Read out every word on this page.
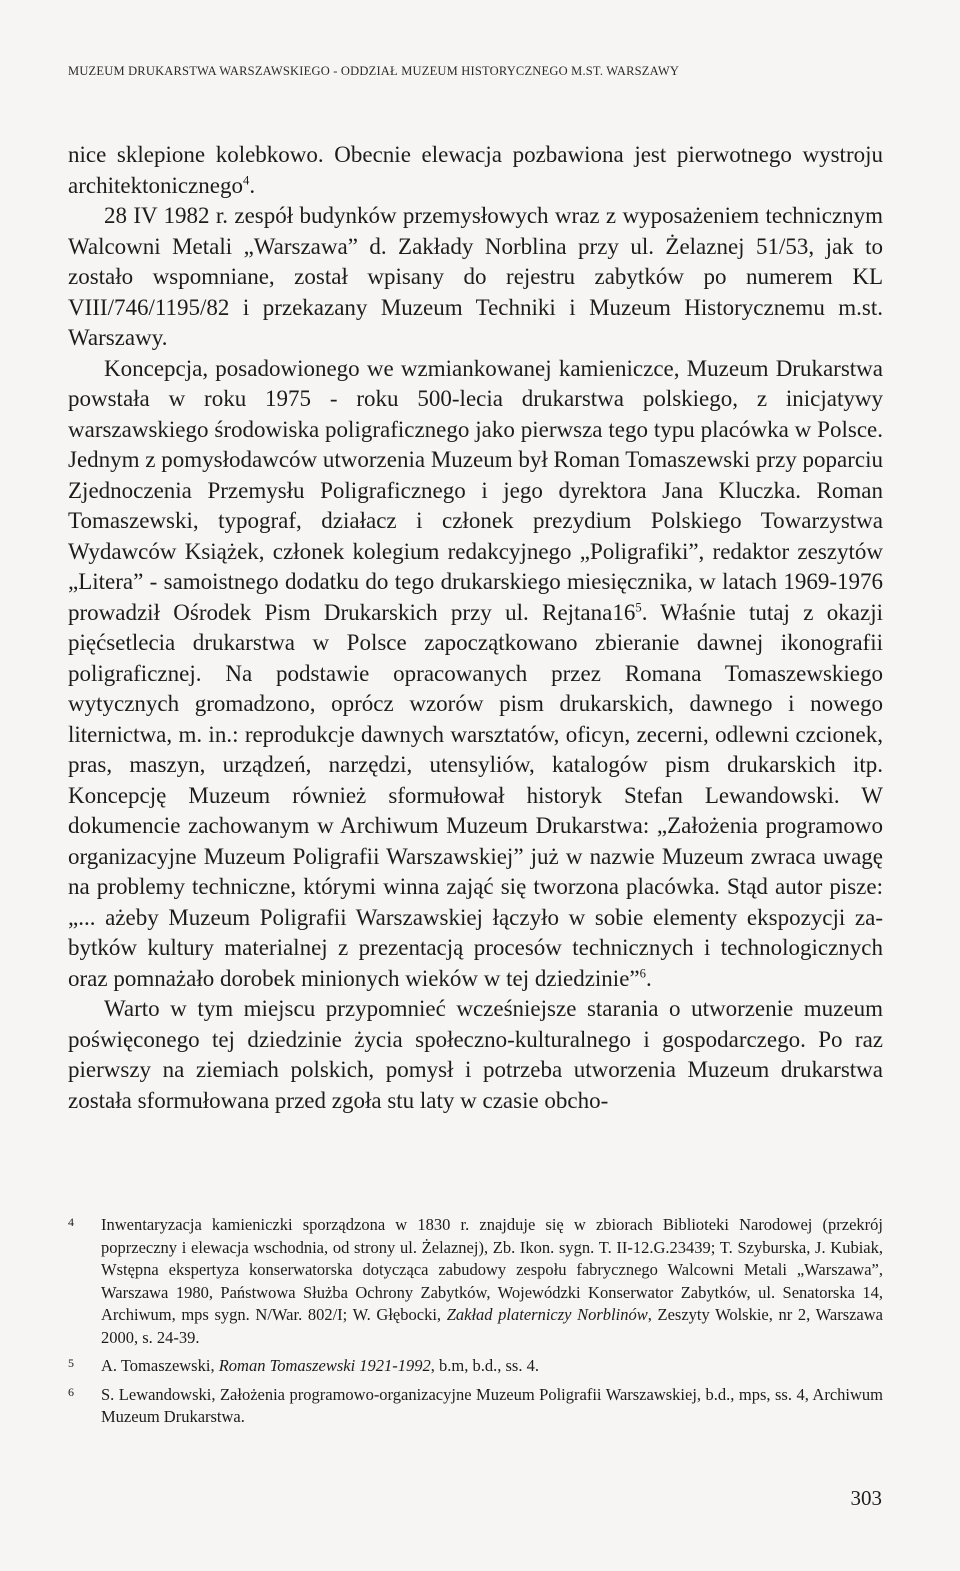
MUZEUM DRUKARSTWA WARSZAWSKIEGO - ODDZIAŁ MUZEUM HISTORYCZNEGO M.ST. WARSZAWY

nice sklepione kolebkowo. Obecnie elewacja pozbawiona jest pierwotnego wystroju architektonicznego$^4$.

28 IV 1982 r. zespół budynków przemysłowych wraz z wyposażeniem technicznym Walcowni Metali „Warszawa” d. Zakłady Norblina przy ul. Żelaznej 51/53, jak to zostało wspomniane, został wpisany do rejestru zabytków po numerem KL VIII/746/1195/82 i przekazany Muzeum Techniki i Muzeum Historycznemu m.st. Warszawy.

Koncepcja, posadowionego we wzmiankowanej kamieniczce, Muzeum Drukarstwa powstała w roku 1975 - roku 500-lecia drukarstwa polskiego, z inicjatywy warszawskiego środowiska poligraficznego jako pierwsza tego typu placówka w Polsce. Jednym z pomysłodawców utworzenia Muzeum był Roman Tomaszewski przy poparciu Zjednoczenia Przemysłu Poligraficznego i jego dyrektora Jana Kluczka. Roman Tomaszewski, typograf, działacz i członek prezydium Polskiego Towarzystwa Wydawców Książek, członek kolegium redakcyjnego „Poligrafiki”, redaktor zeszytów „Litera” - samoistnego dodatku do tego drukarskiego miesięcznika, w latach 1969-1976 prowadził Ośrodek Pism Drukarskich przy ul. $Rejtana16^5$. Właśnie tutaj z okazji pięćsetlecia drukarstwa w Polsce zapoczątkowano zbieranie dawnej ikonografii poligraficznej. Na podstawie opracowanych przez Romana Tomaszewskiego wytycznych gromadzono, oprócz wzorów pism drukarskich, dawnego i nowego liternictwa, m. in.: reprodukcje dawnych warsztatów, oficyn, zecerni, odlewni czcionek, pras, maszyn, urządzeń, narzędzi, utensyliów, katalogów pism drukarskich itp. Koncepcję Muzeum również sformułował historyk Stefan Lewandowski. W dokumencie zachowanym w Archiwum Muzeum Drukarstwa: „Założenia programowo organizacyjne Muzeum Poligrafii Warszawskiej” już w nazwie Muzeum zwraca uwagę na problemy techniczne, którymi winna zająć się tworzona placówka. Stąd autor pisze: „... ażeby Muzeum Poligrafii Warszawskiej łączyło w sobie elementy ekspozycji zabytków kultury materialnej z prezentacją procesów technicznych i technologicznych oraz pomnażało dorobek minionych wieków w tej dziedzinie”$^6$.

Warto w tym miejscu przypomnieć wcześniejsze starania o utworzenie muzeum poświęconego tej dziedzinie życia społeczno-kulturalnego i gospodarczego. Po raz pierwszy na ziemiach polskich, pomysł i potrzeba utworzenia Muzeum drukarstwa została sformułowana przed zgoła stu laty w czasie obcho-

4 Inwentaryzacja kamieniczki sporządzona w 1830 r. znajduje się w zbiorach Biblioteki Narodowej (przekrój poprzeczny i elewacja wschodnia, od strony ul. Żelaznej), Zb. Ikon. sygn. T. II-12.G.23439; T. Szyburska, J. Kubiak, Wstępna ekspertyza konserwatorska dotycząca zabudowy zespołu fabrycznego Walcowni Metali „Warszawa”, Warszawa 1980, Państwowa Służba Ochrony Zabytków, Wojewódzki Konserwator Zabytków, ul. Senatorska 14, Archiwum, mps sygn. N/War. 802/I; W. Głębocki, Zakład platerniczy Norblinów, Zeszyty Wolskie, nr 2, Warszawa 2000, s. 24-39.
5 A. Tomaszewski, Roman Tomaszewski 1921-1992, b.m, b.d., ss. 4.
6 S. Lewandowski, Założenia programowo-organizacyjne Muzeum Poligrafii Warszawskiej, b.d., mps, ss. 4, Archiwum Muzeum Drukarstwa.
303
